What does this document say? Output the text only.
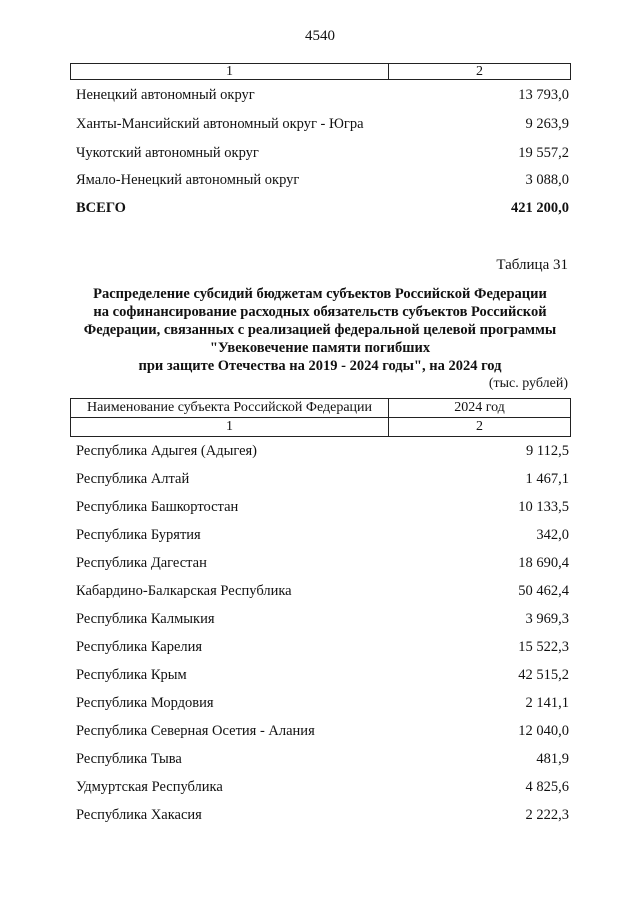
4540
1	2
Ненецкий автономный округ	13 793,0
Ханты-Мансийский автономный округ - Югра	9 263,9
Чукотский автономный округ	19 557,2
Ямало-Ненецкий автономный округ	3 088,0
ВСЕГО	421 200,0
Таблица 31
Распределение субсидий бюджетам субъектов Российской Федерации
на софинансирование расходных обязательств субъектов Российской
Федерации, связанных с реализацией федеральной целевой программы
"Увековечение памяти погибших
при защите Отечества на 2019 - 2024 годы", на 2024 год
(тыс. рублей)
Наименование субъекта Российской Федерации	2024 год
1	2
Республика Адыгея (Адыгея)	9 112,5
Республика Алтай	1 467,1
Республика Башкортостан	10 133,5
Республика Бурятия	342,0
Республика Дагестан	18 690,4
Кабардино-Балкарская Республика	50 462,4
Республика Калмыкия	3 969,3
Республика Карелия	15 522,3
Республика Крым	42 515,2
Республика Мордовия	2 141,1
Республика Северная Осетия - Алания	12 040,0
Республика Тыва	481,9
Удмуртская Республика	4 825,6
Республика Хакасия	2 222,3
